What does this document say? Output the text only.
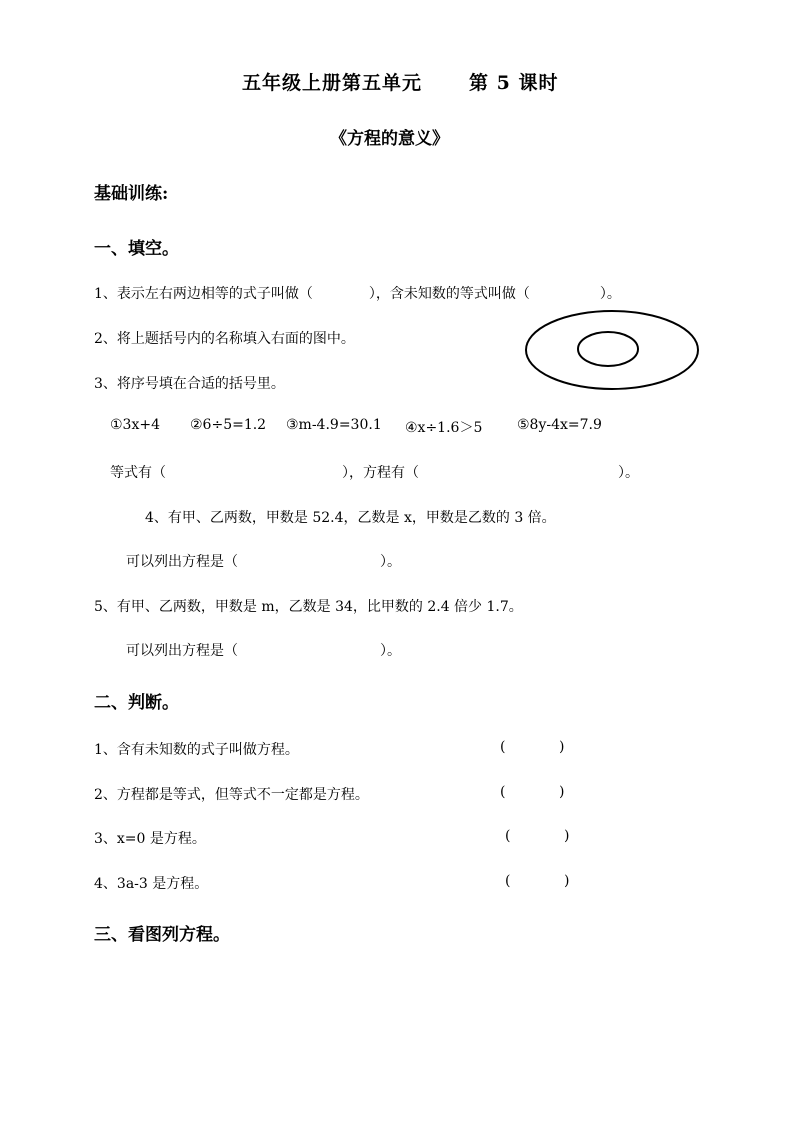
五年级上册第五单元 第 5 课时
《方程的意义》
基础训练:
一、填空。
1、表示左右两边相等的式子叫做（　　　　），含未知数的等式叫做（　　　　　）。
2、将上题括号内的名称填入右面的图中。
3、将序号填在合适的括号里。
①3x+4 ②6÷5=1.2 ③m-4.9=30.1 ④x÷1.6＞5 ⑤8y-4x=7.9
等式有（	），方程有（	）。
4、有甲、乙两数，甲数是 52.4，乙数是 x，甲数是乙数的 3 倍。
可以列出方程是（	）。
5、有甲、乙两数，甲数是 m，乙数是 34，比甲数的 2.4 倍少 1.7。
可以列出方程是（	）。
二、判断。
1、含有未知数的式子叫做方程。	(	)
2、方程都是等式，但等式不一定都是方程。	(	)
3、x=0 是方程。	(	)
4、3a-3 是方程。	(	)
三、看图列方程。
